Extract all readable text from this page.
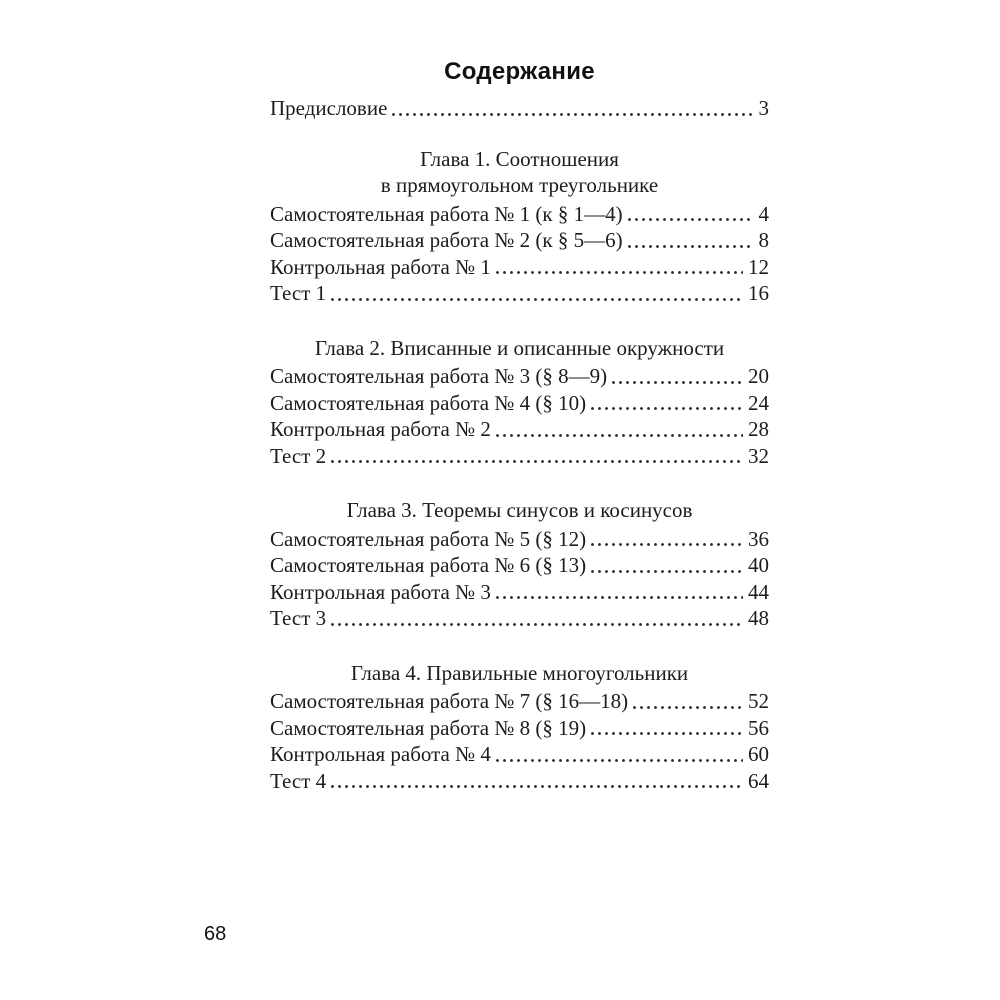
Содержание
Предисловие	3
Глава 1. Соотношения
в прямоугольном треугольнике
Самостоятельная работа № 1 (к § 1—4)	4
Самостоятельная работа № 2 (к § 5—6)	8
Контрольная работа № 1	12
Тест 1	16
Глава 2. Вписанные и описанные окружности
Самостоятельная работа № 3 (§ 8—9)	20
Самостоятельная работа № 4 (§ 10)	24
Контрольная работа № 2	28
Тест 2	32
Глава 3. Теоремы синусов и косинусов
Самостоятельная работа № 5 (§ 12)	36
Самостоятельная работа № 6 (§ 13)	40
Контрольная работа № 3	44
Тест 3	48
Глава 4. Правильные многоугольники
Самостоятельная работа № 7 (§ 16—18)	52
Самостоятельная работа № 8 (§ 19)	56
Контрольная работа № 4	60
Тест 4	64
68
